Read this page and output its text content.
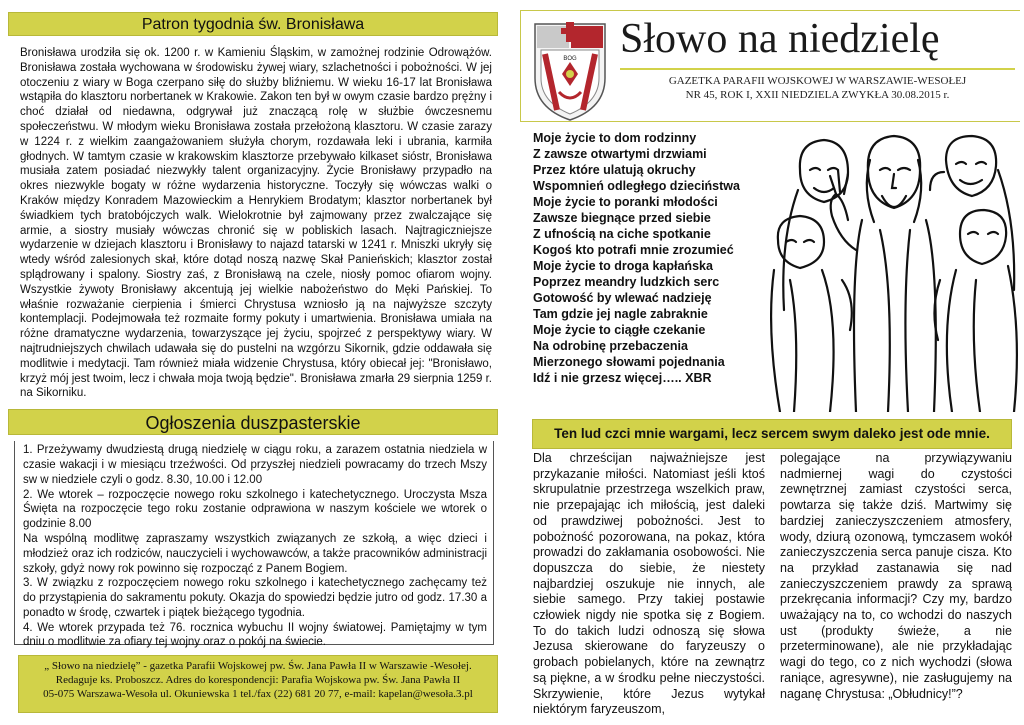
Patron tygodnia św. Bronisława
Bronisława urodziła się ok. 1200 r. w Kamieniu Śląskim, w zamożnej rodzinie Odrowążów. Bronisława została wychowana w środowisku żywej wiary, szlachetności i pobożności. W jej otoczeniu z wiary w Boga czerpano siłę do służby bliźniemu. W wieku 16-17 lat Bronisława wstąpiła do klasztoru norbertanek w Krakowie. Zakon ten był w owym czasie bardzo prężny i choć działał od niedawna, odgrywał już znaczącą rolę w służbie ówczesnemu społeczeństwu. W młodym wieku Bronisława została przełożoną klasztoru. W czasie zarazy w 1224 r. z wielkim zaangażowaniem służyła chorym, rozdawała leki i ubrania, karmiła głodnych. W tamtym czasie w krakowskim klasztorze przebywało kilkaset sióstr, Bronisława musiała zatem posiadać niezwykły talent organizacyjny. Życie Bronisławy przypadło na okres niezwykle bogaty w różne wydarzenia historyczne. Toczyły się wówczas walki o Kraków między Konradem Mazowieckim a Henrykiem Brodatym; klasztor norbertanek był świadkiem tych bratobójczych walk. Wielokrotnie był zajmowany przez zwalczające się armie, a siostry musiały wówczas chronić się w pobliskich lasach. Najtragiczniejsze wydarzenie w dziejach klasztoru i Bronisławy to najazd tatarski w 1241 r. Mniszki ukryły się wtedy wśród zalesionych skał, które dotąd noszą nazwę Skał Panieńskich; klasztor został splądrowany i spalony. Siostry zaś, z Bronisławą na czele, niosły pomoc ofiarom wojny. Wszystkie żywoty Bronisławy akcentują jej wielkie nabożeństwo do Męki Pańskiej. To właśnie rozważanie cierpienia i śmierci Chrystusa wzniosło ją na najwyższe szczyty kontemplacji. Podejmowała też rozmaite formy pokuty i umartwienia. Bronisława umiała na różne dramatyczne wydarzenia, towarzyszące jej życiu, spojrzeć z perspektywy wiary. W najtrudniejszych chwilach udawała się do pustelni na wzgórzu Sikornik, gdzie oddawała się modlitwie i medytacji. Tam również miała widzenie Chrystusa, który obiecał jej: "Bronisławo, krzyż mój jest twoim, lecz i chwała moja twoją będzie". Bronisława zmarła 29 sierpnia 1259 r. na Sikorniku.
Ogłoszenia duszpasterskie

1. Przeżywamy dwudziestą drugą niedzielę w ciągu roku, a zarazem ostatnia niedziela w czasie wakacji i w miesiącu trzeźwości. Od przyszłej niedzieli powracamy do trzech Mszy sw w niedziele czyli o godz. 8.30, 10.00 i 12.00

2. We wtorek – rozpoczęcie nowego roku szkolnego i katechetycznego. Uroczysta Msza Święta na rozpoczęcie tego roku zostanie odprawiona w naszym kościele we wtorek o godzinie 8.00

Na wspólną modlitwę zapraszamy wszystkich związanych ze szkołą, a więc dzieci i młodzież oraz ich rodziców, nauczycieli i wychowawców, a także pracowników administracji szkoły, gdyż nowy rok powinno się rozpocząć z Panem Bogiem.

3. W związku z rozpoczęciem nowego roku szkolnego i katechetycznego zachęcamy też do przystąpienia do sakramentu pokuty. Okazja do spowiedzi będzie jutro od godz. 17.30 a ponadto w środę, czwartek i piątek bieżącego tygodnia.

4. We wtorek przypada też 76. rocznica wybuchu II wojny światowej. Pamiętajmy w tym dniu o modlitwie za ofiary tej wojny oraz o pokój na świecie.

„ Słowo na niedzielę” - gazetka Parafii Wojskowej pw. Św. Jana Pawła II w Warszawie -Wesołej.
Redaguje ks. Proboszcz. Adres do korespondencji: Parafia Wojskowa pw. Św. Jana Pawła II
05-075 Warszawa-Wesoła ul. Okuniewska 1 tel./fax (22) 681 20 77, e-mail: kapelan@wesoła.3.pl
BOG Słowo na niedzielę
GAZETKA PARAFII WOJSKOWEJ W WARSZAWIE-WESOŁEJ
NR 45, ROK I, XXII NIEDZIELA ZWYKŁA 30.08.2015 r.
Moje życie to dom rodzinny
Z zawsze otwartymi drzwiami
Przez które ulatują okruchy
Wspomnień odległego dzieciństwa
Moje życie to poranki młodości
Zawsze biegnące przed siebie
Z ufnością na ciche spotkanie
Kogoś kto potrafi mnie zrozumieć
Moje życie to droga kapłańska
Poprzez meandry ludzkich serc
Gotowość by wlewać nadzieję
Tam gdzie jej nagle zabraknie
Moje życie to ciągłe czekanie
Na odrobinę przebaczenia
Mierzonego słowami pojednania
Idź i nie grzesz więcej….. XBR
Ten lud czci mnie wargami, lecz sercem swym daleko jest ode mnie.
Dla chrześcijan najważniejsze jest przykazanie miłości. Natomiast jeśli ktoś skrupulatnie przestrzega wszelkich praw, nie przepajając ich miłością, jest daleki od prawdziwej pobożności. Jest to pobożność pozorowana, na pokaz, która prowadzi do zakłamania osobowości. Nie dopuszcza do siebie, że niestety najbardziej oszukuje nie innych, ale siebie samego. Przy takiej postawie człowiek nigdy nie spotka się z Bogiem. To do takich ludzi odnoszą się słowa Jezusa skierowane do faryzeuszy o grobach pobielanych, które na zewnątrz są piękne, a w środku pełne nieczystości. Skrzywienie, które Jezus wytykał niektórym faryzeuszom,
polegające na przywiązywaniu nadmiernej wagi do czystości zewnętrznej zamiast czystości serca, powtarza się także dziś. Martwimy się bardziej zanieczyszczeniem atmosfery, wody, dziurą ozonową, tymczasem wokół zanieczyszczenia serca panuje cisza. Kto na przykład zastanawia się nad zanieczyszczeniem prawdy za sprawą przekręcania informacji? Czy my, bardzo uważający na to, co wchodzi do naszych ust (produkty świeże, a nie przeterminowane), ale nie przykładając wagi do tego, co z nich wychodzi (słowa raniące, agresywne), nie zasługujemy na naganę Chrystusa: „Obłudnicy!”?
